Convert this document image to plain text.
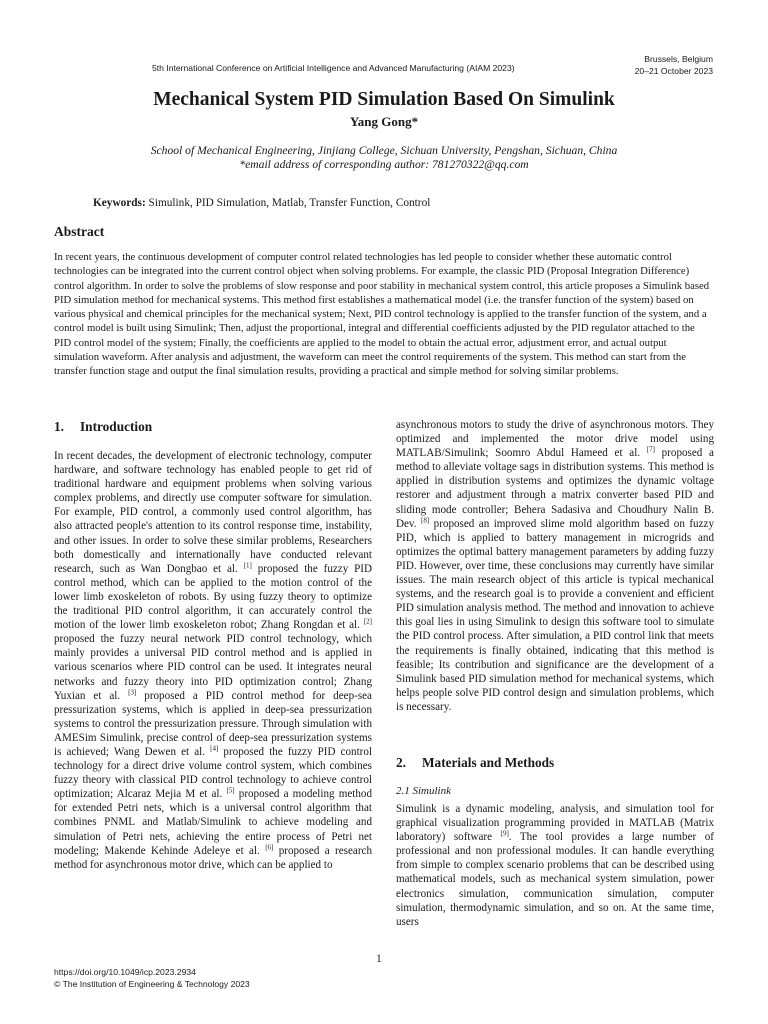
5th International Conference on Artificial Intelligence and Advanced Manufacturing (AIAM 2023)
Brussels, Belgium
20–21 October 2023
Mechanical System PID Simulation Based On Simulink
Yang Gong*
School of Mechanical Engineering, Jinjiang College, Sichuan University, Pengshan, Sichuan, China
*email address of corresponding author: 781270322@qq.com
Keywords: Simulink, PID Simulation, Matlab, Transfer Function, Control
Abstract
In recent years, the continuous development of computer control related technologies has led people to consider whether these automatic control technologies can be integrated into the current control object when solving problems. For example, the classic PID (Proposal Integration Difference) control algorithm. In order to solve the problems of slow response and poor stability in mechanical system control, this article proposes a Simulink based PID simulation method for mechanical systems. This method first establishes a mathematical model (i.e. the transfer function of the system) based on various physical and chemical principles for the mechanical system; Next, PID control technology is applied to the transfer function of the system, and a control model is built using Simulink; Then, adjust the proportional, integral and differential coefficients adjusted by the PID regulator attached to the PID control model of the system; Finally, the coefficients are applied to the model to obtain the actual error, adjustment error, and actual output simulation waveform. After analysis and adjustment, the waveform can meet the control requirements of the system. This method can start from the transfer function stage and output the final simulation results, providing a practical and simple method for solving similar problems.
1. Introduction
In recent decades, the development of electronic technology, computer hardware, and software technology has enabled people to get rid of traditional hardware and equipment problems when solving various complex problems, and directly use computer software for simulation. For example, PID control, a commonly used control algorithm, has also attracted people's attention to its control response time, instability, and other issues. In order to solve these similar problems, Researchers both domestically and internationally have conducted relevant research, such as Wan Dongbao et al. [1] proposed the fuzzy PID control method, which can be applied to the motion control of the lower limb exoskeleton of robots. By using fuzzy theory to optimize the traditional PID control algorithm, it can accurately control the motion of the lower limb exoskeleton robot; Zhang Rongdan et al. [2] proposed the fuzzy neural network PID control technology, which mainly provides a universal PID control method and is applied in various scenarios where PID control can be used. It integrates neural networks and fuzzy theory into PID optimization control; Zhang Yuxian et al. [3] proposed a PID control method for deep-sea pressurization systems, which is applied in deep-sea pressurization systems to control the pressurization pressure. Through simulation with AMESim Simulink, precise control of deep-sea pressurization systems is achieved; Wang Dewen et al. [4] proposed the fuzzy PID control technology for a direct drive volume control system, which combines fuzzy theory with classical PID control technology to achieve control optimization; Alcaraz Mejia M et al. [5] proposed a modeling method for extended Petri nets, which is a universal control algorithm that combines PNML and Matlab/Simulink to achieve modeling and simulation of Petri nets, achieving the entire process of Petri net modeling; Makende Kehinde Adeleye et al. [6] proposed a research method for asynchronous motor drive, which can be applied to
asynchronous motors to study the drive of asynchronous motors. They optimized and implemented the motor drive model using MATLAB/Simulink; Soomro Abdul Hameed et al. [7] proposed a method to alleviate voltage sags in distribution systems. This method is applied in distribution systems and optimizes the dynamic voltage restorer and adjustment through a matrix converter based PID and sliding mode controller; Behera Sadasiva and Choudhury Nalin B. Dev. [8] proposed an improved slime mold algorithm based on fuzzy PID, which is applied to battery management in microgrids and optimizes the optimal battery management parameters by adding fuzzy PID. However, over time, these conclusions may currently have similar issues. The main research object of this article is typical mechanical systems, and the research goal is to provide a convenient and efficient PID simulation analysis method. The method and innovation to achieve this goal lies in using Simulink to design this software tool to simulate the PID control process. After simulation, a PID control link that meets the requirements is finally obtained, indicating that this method is feasible; Its contribution and significance are the development of a Simulink based PID simulation method for mechanical systems, which helps people solve PID control design and simulation problems, which is necessary.
2. Materials and Methods
2.1 Simulink
Simulink is a dynamic modeling, analysis, and simulation tool for graphical visualization programming provided in MATLAB (Matrix laboratory) software [9]. The tool provides a large number of professional and non professional modules. It can handle everything from simple to complex scenario problems that can be described using mathematical models, such as mechanical system simulation, power electronics simulation, communication simulation, computer simulation, thermodynamic simulation, and so on. At the same time, users
1
https://doi.org/10.1049/icp.2023.2934
© The Institution of Engineering & Technology 2023
